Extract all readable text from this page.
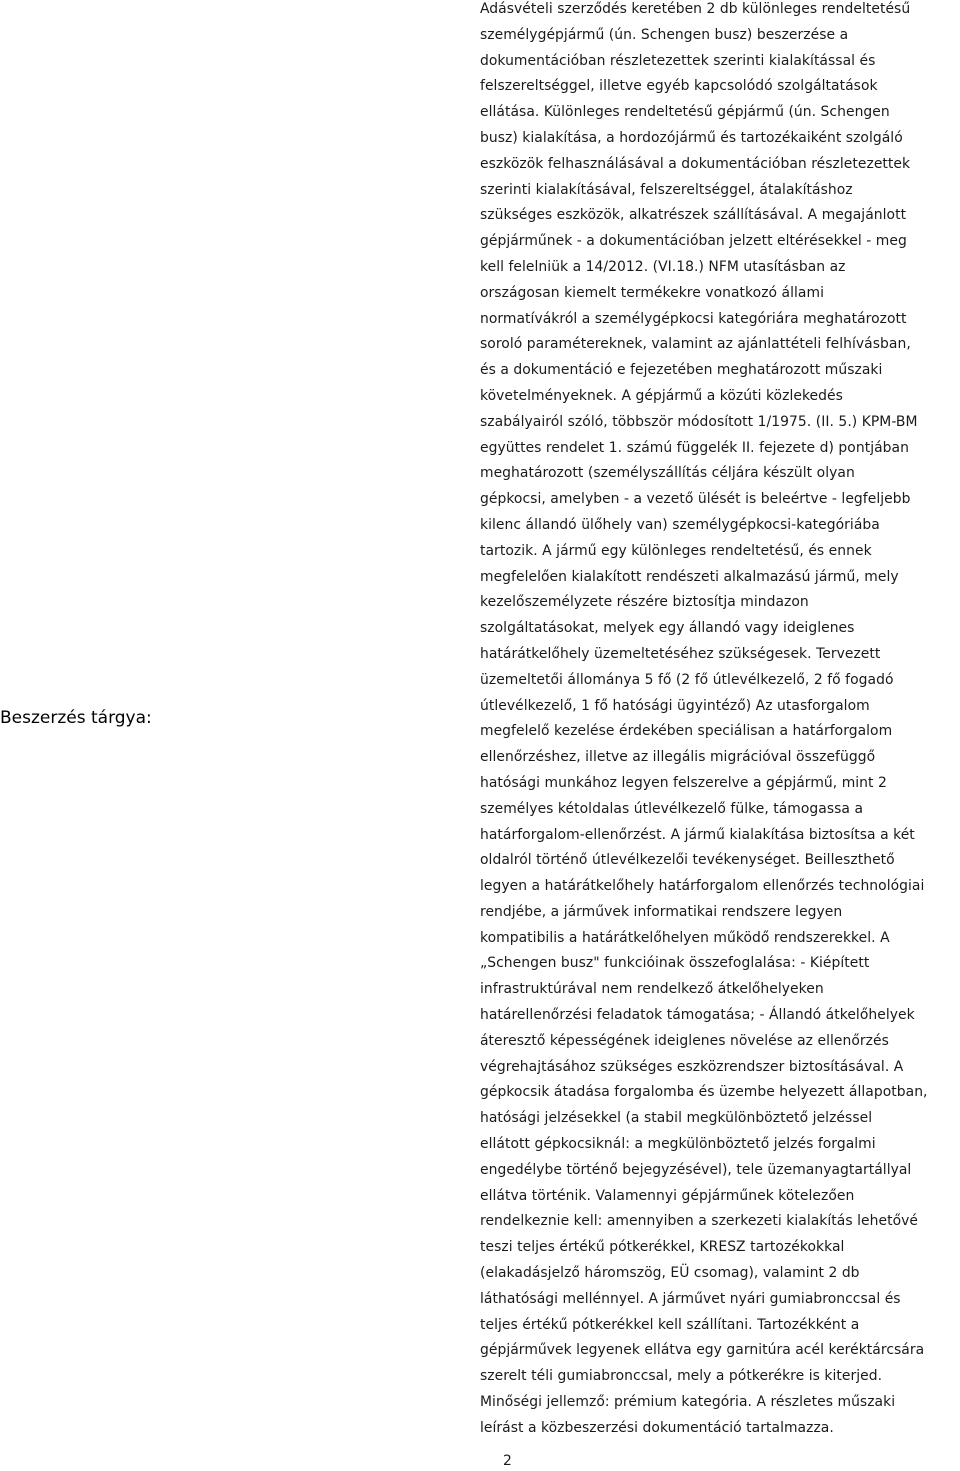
Beszerzés tárgya:
Adásvételi szerződés keretében 2 db különleges rendeltetésű
személygépjármű (ún. Schengen busz) beszerzése a
dokumentációban részletezettek szerinti kialakítással és
felszereltséggel, illetve egyéb kapcsolódó szolgáltatások
ellátása. Különleges rendeltetésű gépjármű (ún. Schengen
busz) kialakítása, a hordozójármű és tartozékaiként szolgáló
eszközök felhasználásával a dokumentációban részletezettek
szerinti kialakításával, felszereltséggel, átalakításhoz
szükséges eszközök, alkatrészek szállításával. A megajánlott
gépjárműnek - a dokumentációban jelzett eltérésekkel - meg
kell felelniük a 14/2012. (VI.18.) NFM utasításban az
országosan kiemelt termékekre vonatkozó állami
normatívákról a személygépkocsi kategóriára meghatározott
soroló paramétereknek, valamint az ajánlattételi felhívásban,
és a dokumentáció e fejezetében meghatározott műszaki
követelményeknek. A gépjármű a közúti közlekedés
szabályairól szóló, többször módosított 1/1975. (II. 5.) KPM-BM
együttes rendelet 1. számú függelék II. fejezete d) pontjában
meghatározott (személyszállítás céljára készült olyan
gépkocsi, amelyben - a vezető ülését is beleértve - legfeljebb
kilenc állandó ülőhely van) személygépkocsi-kategóriába
tartozik. A jármű egy különleges rendeltetésű, és ennek
megfelelően kialakított rendészeti alkalmazású jármű, mely
kezelőszemélyzete részére biztosítja mindazon
szolgáltatásokat, melyek egy állandó vagy ideiglenes
határátkelőhely üzemeltetéséhez szükségesek. Tervezett
üzemeltetői állománya 5 fő (2 fő útlevélkezelő, 2 fő fogadó
útlevélkezelő, 1 fő hatósági ügyintéző) Az utasforgalom
megfelelő kezelése érdekében speciálisan a határforgalom
ellenőrzéshez, illetve az illegális migrációval összefüggő
hatósági munkához legyen felszerelve a gépjármű, mint 2
személyes kétoldalas útlevélkezelő fülke, támogassa a
határforgalom-ellenőrzést. A jármű kialakítása biztosítsa a két
oldalról történő útlevélkezelői tevékenységet. Beilleszthető
legyen a határátkelőhely határforgalom ellenőrzés technológiai
rendjébe, a járművek informatikai rendszere legyen
kompatibilis a határátkelőhelyen működő rendszerekkel. A
„Schengen busz" funkcióinak összefoglalása: - Kiépített
infrastruktúrával nem rendelkező átkelőhelyeken
határellenőrzési feladatok támogatása; - Állandó átkelőhelyek
áteresztő képességének ideiglenes növelése az ellenőrzés
végrehajtásához szükséges eszközrendszer biztosításával. A
gépkocsik átadása forgalomba és üzembe helyezett állapotban,
hatósági jelzésekkel (a stabil megkülönböztető jelzéssel
ellátott gépkocsiknál: a megkülönböztető jelzés forgalmi
engedélybe történő bejegyzésével), tele üzemanyagtartállyal
ellátva történik. Valamennyi gépjárműnek kötelezően
rendelkeznie kell: amennyiben a szerkezeti kialakítás lehetővé
teszi teljes értékű pótkerékkel, KRESZ tartozékokkal
(elakadásjelző háromszög, EÜ csomag), valamint 2 db
láthatósági mellénnyel. A járművet nyári gumiabronccsal és
teljes értékű pótkerékkel kell szállítani. Tartozékként a
gépjárművek legyenek ellátva egy garnitúra acél keréktárcsára
szerelt téli gumiabronccsal, mely a pótkerékre is kiterjed.
Minőségi jellemző: prémium kategória. A részletes műszaki
leírást a közbeszerzési dokumentáció tartalmazza.
2
